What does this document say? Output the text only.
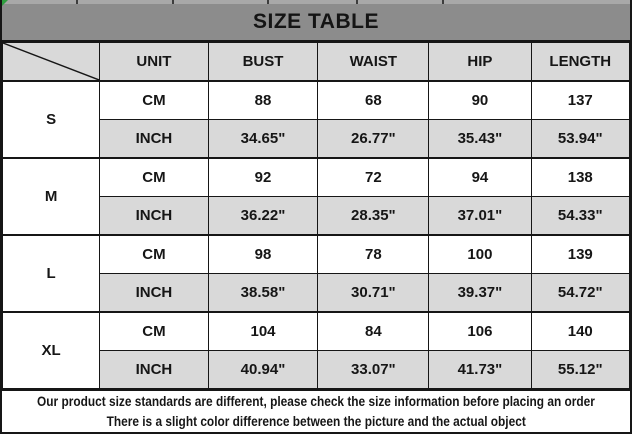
SIZE TABLE
	UNIT	BUST	WAIST	HIP	LENGTH
S	CM	88	68	90	137
	INCH	34.65"	26.77"	35.43"	53.94"
M	CM	92	72	94	138
	INCH	36.22"	28.35"	37.01"	54.33"
L	CM	98	78	100	139
	INCH	38.58"	30.71"	39.37"	54.72"
XL	CM	104	84	106	140
	INCH	40.94"	33.07"	41.73"	55.12"
Our product size standards are different, please check the size information before placing an order
There is a slight color difference between the picture and the actual object
